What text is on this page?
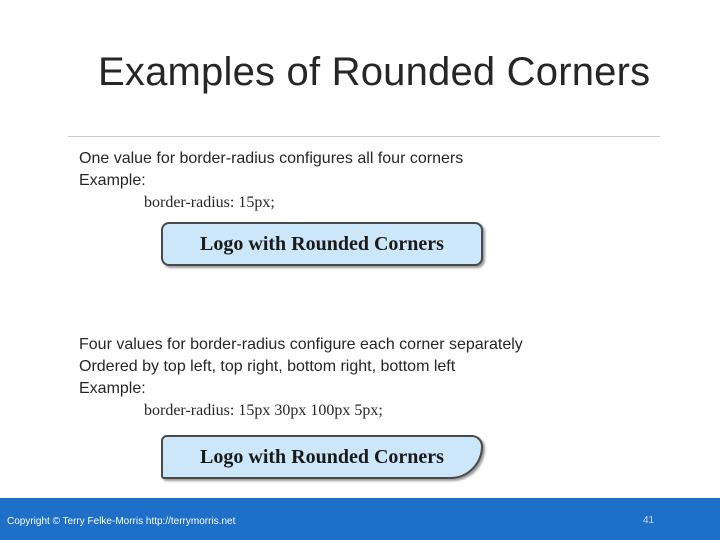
Examples of Rounded Corners
One value for border-radius configures all four corners
Example:
border-radius: 15px;
Logo with Rounded Corners
Four values for border-radius configure each corner separately
Ordered by top left, top right, bottom right, bottom left
Example:
border-radius: 15px 30px 100px 5px;
Logo with Rounded Corners
Copyright © Terry Felke-Morris http://terrymorris.net	41
